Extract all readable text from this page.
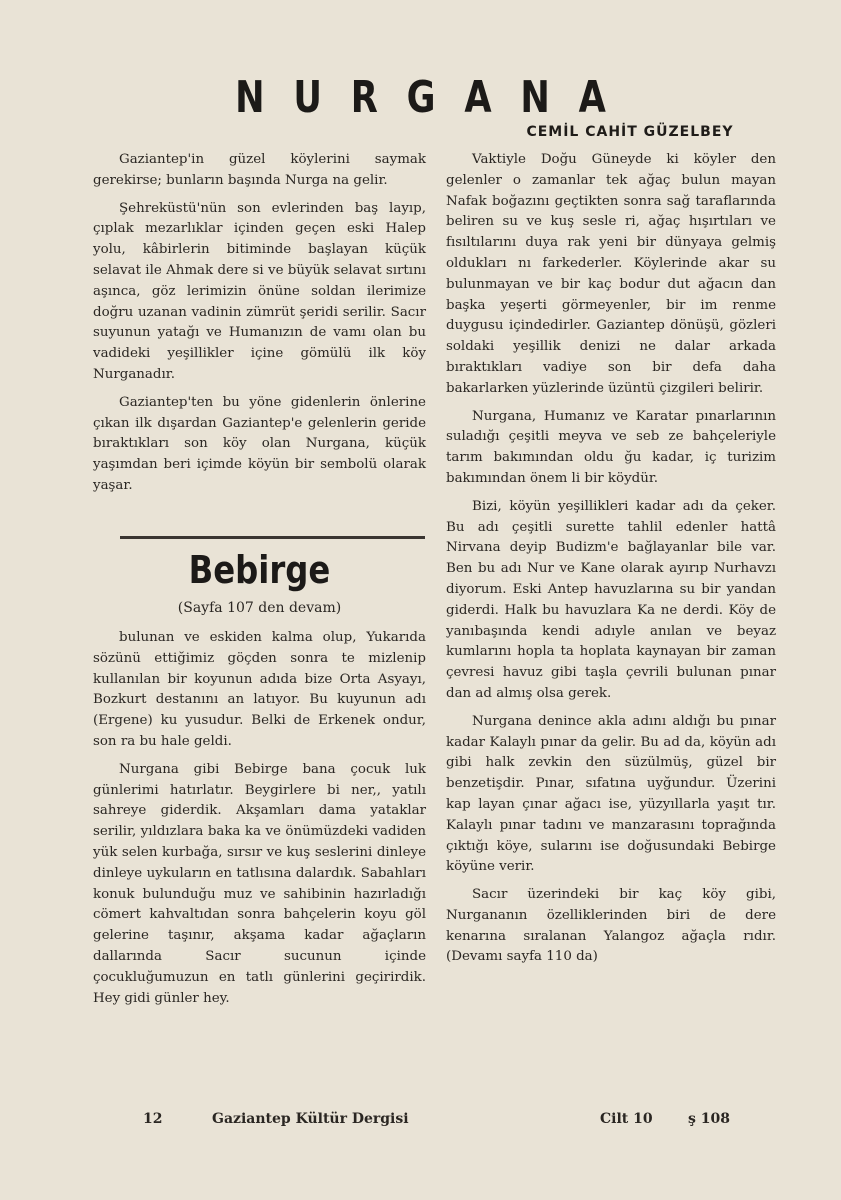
NURGANA
CEMİL CAHİT GÜZELBEY

Gaziantep'in güzel köylerini saymak gerekirse; bunların başında Nurga na gelir.

Şehreküstü'nün son evlerinden baş layıp, çıplak mezarlıklar içinden geçen eski Halep yolu, kâbirlerin bitiminde başlayan küçük selavat ile Ahmak dere si ve büyük selavat sırtını aşınca, göz lerimizin önüne soldan ilerimize doğru uzanan vadinin zümrüt şeridi serilir. Sacır suyunun yatağı ve Humanızın de vamı olan bu vadideki yeşillikler içine gömülü ilk köy Nurganadır.

Gaziantep'ten bu yöne gidenlerin önlerine çıkan ilk dışardan Gaziantep'e gelenlerin geride bıraktıkları son köy olan Nurgana, küçük yaşımdan beri içimde köyün bir sembolü olarak yaşar.

Bebirge
(Sayfa 107 den devam)

bulunan ve eskiden kalma olup, Yukarıda sözünü ettiğimiz göçden sonra te mizlenip kullanılan bir koyunun adıda bize Orta Asyayı, Bozkurt destanını an latıyor. Bu kuyunun adı (Ergene) ku yusudur. Belki de Erkenek ondur, son ra bu hale geldi.

Nurgana gibi Bebirge bana çocuk luk günlerimi hatırlatır. Beygirlere bi ner,, yatılı sahreye giderdik. Akşamları dama yataklar serilir, yıldızlara baka ka ve önümüzdeki vadiden yük selen kurbağa, sırsır ve kuş seslerini dinleye dinleye uykuların en tatlısına dalardık. Sabahları konuk bulunduğu muz ve sahibinin hazırladığı cömert kahvaltıdan sonra bahçelerin koyu göl gelerine taşınır, akşama kadar ağaçların dallarında Sacır sucunun içinde çocukluğumuzun en tatlı günlerini geçirirdik. Hey gidi günler hey.

Vaktiyle Doğu Güneyde ki köyler den gelenler o zamanlar tek ağaç bulun mayan Nafak boğazını geçtikten sonra sağ taraflarında beliren su ve kuş sesle ri, ağaç hışırtıları ve fısıltılarını duya rak yeni bir dünyaya gelmiş oldukları nı farkederler. Köylerinde akar su bulunmayan ve bir kaç bodur dut ağacın dan başka yeşerti görmeyenler, bir im renme duygusu içindedirler. Gaziantep dönüşü, gözleri soldaki yeşillik denizi ne dalar arkada bıraktıkları vadiye son bir defa daha bakarlarken yüzlerinde üzüntü çizgileri belirir.

Nurgana, Humanız ve Karatar pınarlarının suladığı çeşitli meyva ve seb ze bahçeleriyle tarım bakımından oldu ğu kadar, iç turizim bakımından önem li bir köydür.

Bizi, köyün yeşillikleri kadar adı da çeker. Bu adı çeşitli surette tahlil edenler hattâ Nirvana deyip Budizm'e bağlayanlar bile var. Ben bu adı Nur ve Kane olarak ayırıp Nurhavzı diyorum. Eski Antep havuzlarına su bir yandan giderdi. Halk bu havuzlara Ka ne derdi. Köy de yanıbaşında kendi adıyle anılan ve beyaz kumlarını hopla ta hoplata kaynayan bir zaman çevresi havuz gibi taşla çevrili bulunan pınar dan ad almış olsa gerek.

Nurgana denince akla adını aldığı bu pınar kadar Kalaylı pınar da gelir. Bu ad da, köyün adı gibi halk zevkin den süzülmüş, güzel bir benzetişdir. Pınar, sıfatına uyğundur. Üzerini kap layan çınar ağacı ise, yüzyıllarla yaşıt tır. Kalaylı pınar tadını ve manzarasını toprağında çıktığı köye, sularını ise doğusundaki Bebirge köyüne verir.

Sacır üzerindeki bir kaç köy gibi, Nurgananın özelliklerinden biri de dere kenarına sıralanan Yalangoz ağaçla rıdır. (Devamı sayfa 110 da)

12	Gaziantep Kültür Dergisi	Cilt 10	ş 108
